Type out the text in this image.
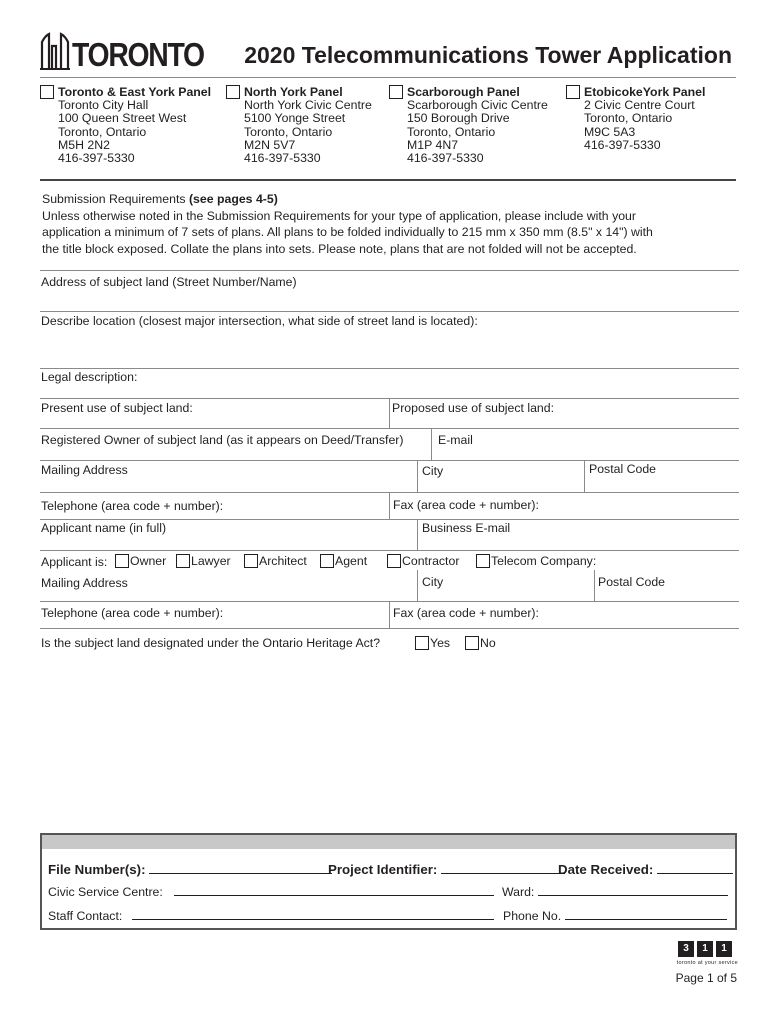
TORONTO 2020 Telecommunications Tower Application
Toronto & East York Panel
Toronto City Hall
100 Queen Street West
Toronto, Ontario
M5H 2N2
416-397-5330
North York Panel
North York Civic Centre
5100 Yonge Street
Toronto, Ontario
M2N 5V7
416-397-5330
Scarborough Panel
Scarborough Civic Centre
150 Borough Drive
Toronto, Ontario
M1P 4N7
416-397-5330
EtobicokeYork Panel
2 Civic Centre Court
Toronto, Ontario
M9C 5A3
416-397-5330
Submission Requirements (see pages 4-5)
Unless otherwise noted in the Submission Requirements for your type of application, please include with your
application a minimum of 7 sets of plans. All plans to be folded individually to 215 mm x 350 mm (8.5" x 14") with
the title block exposed. Collate the plans into sets. Please note, plans that are not folded will not be accepted.
Address of subject land (Street Number/Name)
Describe location (closest major intersection, what side of street land is located):
Legal description:
Present use of subject land:	Proposed use of subject land:
Registered Owner of subject land (as it appears on Deed/Transfer)	E-mail
Mailing Address	City	Postal Code
Telephone (area code + number):	Fax (area code + number):
Applicant name (in full)	Business E-mail
Applicant is: Owner Lawyer Architect Agent	Contractor	Telecom Company:
Mailing Address	City	Postal Code
Telephone (area code + number):	Fax (area code + number):
Is the subject land designated under the Ontario Heritage Act?	Yes No
File Number(s):	Project Identifier:	Date Received:
Civic Service Centre:	Ward:
Staff Contact:	Phone No.
3	1	1
toronto at your service
Page 1 of 5
